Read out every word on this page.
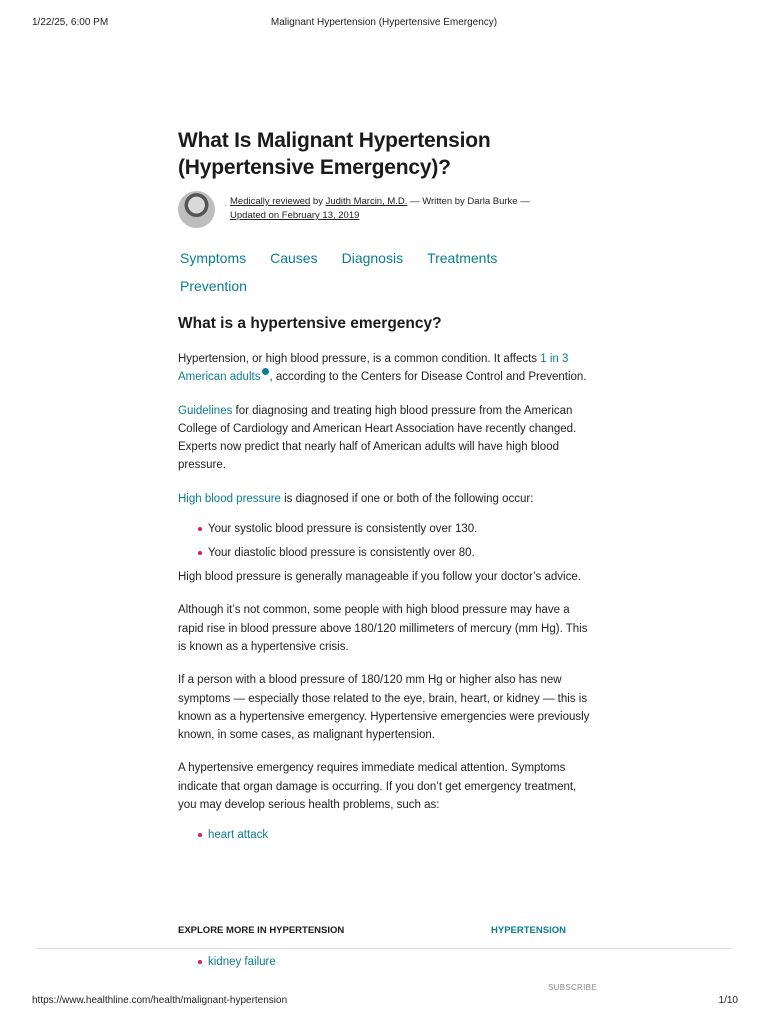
1/22/25, 6:00 PM	Malignant Hypertension (Hypertensive Emergency)
What Is Malignant Hypertension (Hypertensive Emergency)?
Medically reviewed by Judith Marcin, M.D. — Written by Darla Burke —
Updated on February 13, 2019
Symptoms Causes Diagnosis Treatments
Prevention
What is a hypertensive emergency?

Hypertension, or high blood pressure, is a common condition. It affects 1 in 3 American adults , according to the Centers for Disease Control and Prevention.

Guidelines for diagnosing and treating high blood pressure from the American College of Cardiology and American Heart Association have recently changed. Experts now predict that nearly half of American adults will have high blood pressure.

High blood pressure is diagnosed if one or both of the following occur:

Your systolic blood pressure is consistently over 130.
Your diastolic blood pressure is consistently over 80.

High blood pressure is generally manageable if you follow your doctor’s advice.

Although it’s not common, some people with high blood pressure may have a rapid rise in blood pressure above 180/120 millimeters of mercury (mm Hg). This is known as a hypertensive crisis.

If a person with a blood pressure of 180/120 mm Hg or higher also has new symptoms — especially those related to the eye, brain, heart, or kidney — this is known as a hypertensive emergency. Hypertensive emergencies were previously known, in some cases, as malignant hypertension.

A hypertensive emergency requires immediate medical attention. Symptoms indicate that organ damage is occurring. If you don’t get emergency treatment, you may develop serious health problems, such as:

heart attack
EXPLORE MORE IN HYPERTENSION	HYPERTENSION
kidney failure
SUBSCRIBE
https://www.healthline.com/health/malignant-hypertension	1/10
